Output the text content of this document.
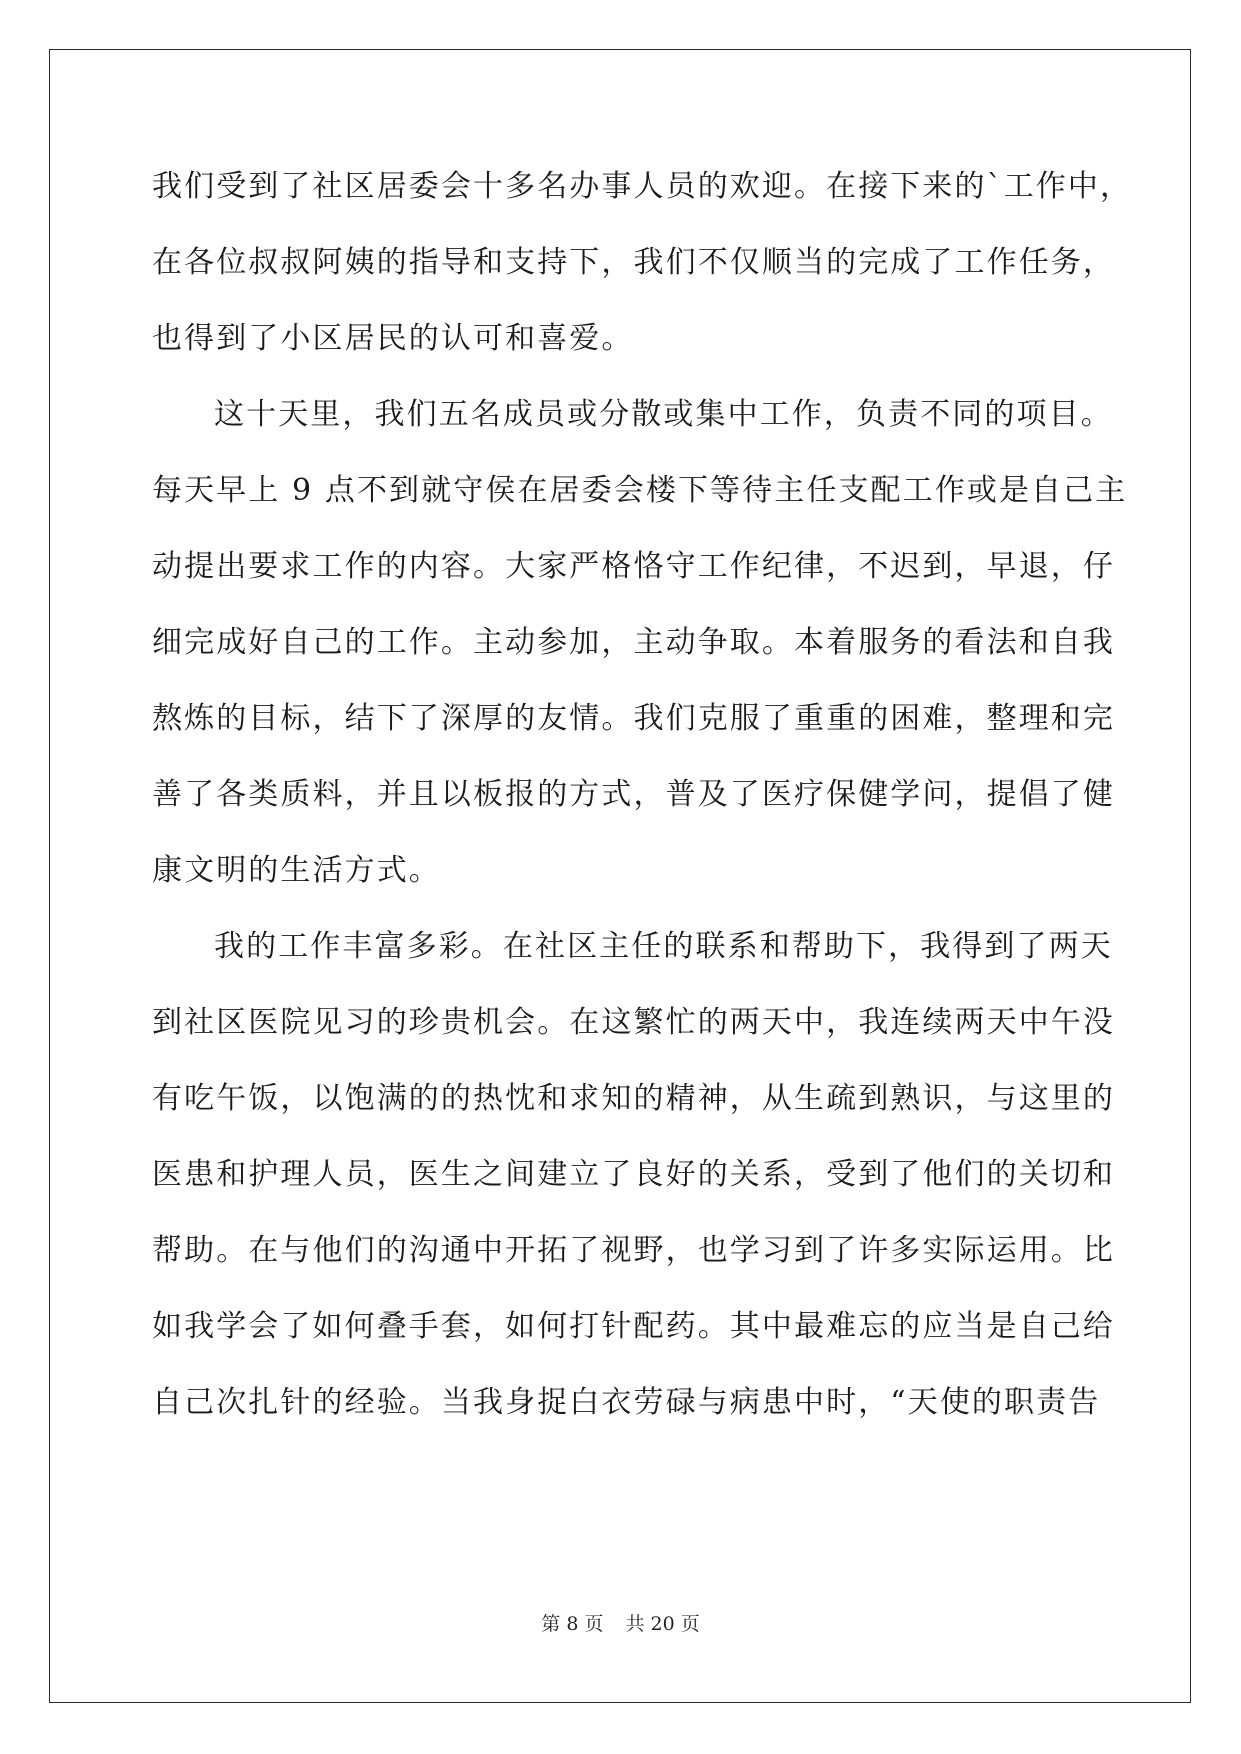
我们受到了社区居委会十多名办事人员的欢迎。在接下来的`工作中，
在各位叔叔阿姨的指导和支持下，我们不仅顺当的完成了工作任务，
也得到了小区居民的认可和喜爱。
这十天里，我们五名成员或分散或集中工作，负责不同的项目。
每天早上 9 点不到就守侯在居委会楼下等待主任支配工作或是自己主
动提出要求工作的内容。大家严格恪守工作纪律，不迟到，早退，仔
细完成好自己的工作。主动参加，主动争取。本着服务的看法和自我
熬炼的目标，结下了深厚的友情。我们克服了重重的困难，整理和完
善了各类质料，并且以板报的方式，普及了医疗保健学问，提倡了健
康文明的生活方式。
我的工作丰富多彩。在社区主任的联系和帮助下，我得到了两天
到社区医院见习的珍贵机会。在这繁忙的两天中，我连续两天中午没
有吃午饭，以饱满的的热忱和求知的精神，从生疏到熟识，与这里的
医患和护理人员，医生之间建立了良好的关系，受到了他们的关切和
帮助。在与他们的沟通中开拓了视野，也学习到了许多实际运用。比
如我学会了如何叠手套，如何打针配药。其中最难忘的应当是自己给
自己次扎针的经验。当我身捉白衣劳碌与病患中时，“天使的职责告
第 8 页 共 20 页
